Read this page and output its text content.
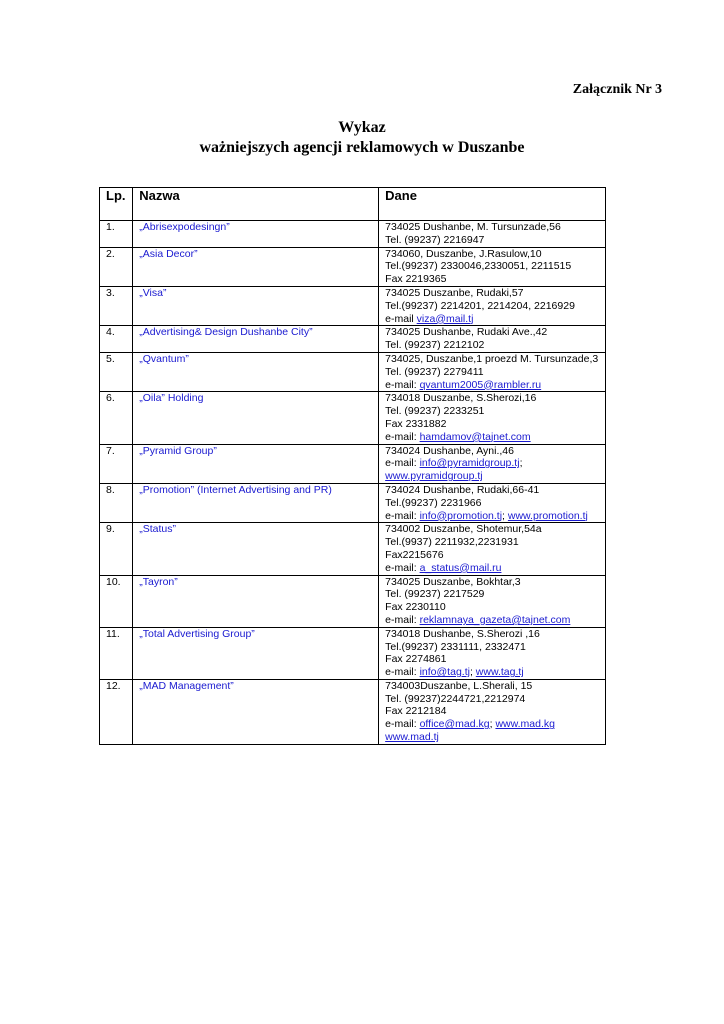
Załącznik Nr 3
Wykaz
ważniejszych agencji reklamowych w Duszanbe
Lp.	Nazwa	Dane
1.	„Abrisexpodesingn”	734025 Dushanbe, M. Tursunzade,56
Tel. (99237) 2216947

2.	„Asia Decor”	734060, Duszanbe, J.Rasulow,10
Tel.(99237) 2330046,2330051, 2211515
Fax 2219365

3.	„Visa”	734025 Duszanbe, Rudaki,57
Tel.(99237) 2214201, 2214204, 2216929
e-mail viza@mail.tj

4.	„Advertising& Design Dushanbe City”	734025 Dushanbe, Rudaki Ave.,42
Tel. (99237) 2212102

5.	„Qvantum”	734025, Duszanbe,1 proezd M. Tursunzade,3
Tel. (99237) 2279411
e-mail: qvantum2005@rambler.ru

6.	„Oila” Holding	734018 Duszanbe, S.Sherozi,16
Tel. (99237) 2233251
Fax 2331882
e-mail: hamdamov@tajnet.com

7.	„Pyramid Group”	734024 Dushanbe, Ayni.,46
e-mail: info@pyramidgroup.tj;
www.pyramidgroup.tj

8.	„Promotion” (Internet Advertising and PR)	734024 Dushanbe, Rudaki,66-41
Tel.(99237) 2231966
e-mail: info@promotion.tj; www.promotion.tj

9.	„Status”	734002 Duszanbe, Shotemur,54a
Tel.(9937) 2211932,2231931
Fax2215676
e-mail: a_status@mail.ru

10.	„Tayron”	734025 Duszanbe, Bokhtar,3
Tel. (99237) 2217529
Fax 2230110
e-mail: reklamnaya_gazeta@tajnet.com

11.	„Total Advertising Group”	734018 Dushanbe, S.Sherozi ,16
Tel.(99237) 2331111, 2332471
Fax 2274861
e-mail: info@tag.tj; www.tag.tj

12.	„MAD Management”	734003Duszanbe, L.Sherali, 15
Tel. (99237)2244721,2212974
Fax 2212184
e-mail: office@mad.kg; www.mad.kg
www.mad.tj
